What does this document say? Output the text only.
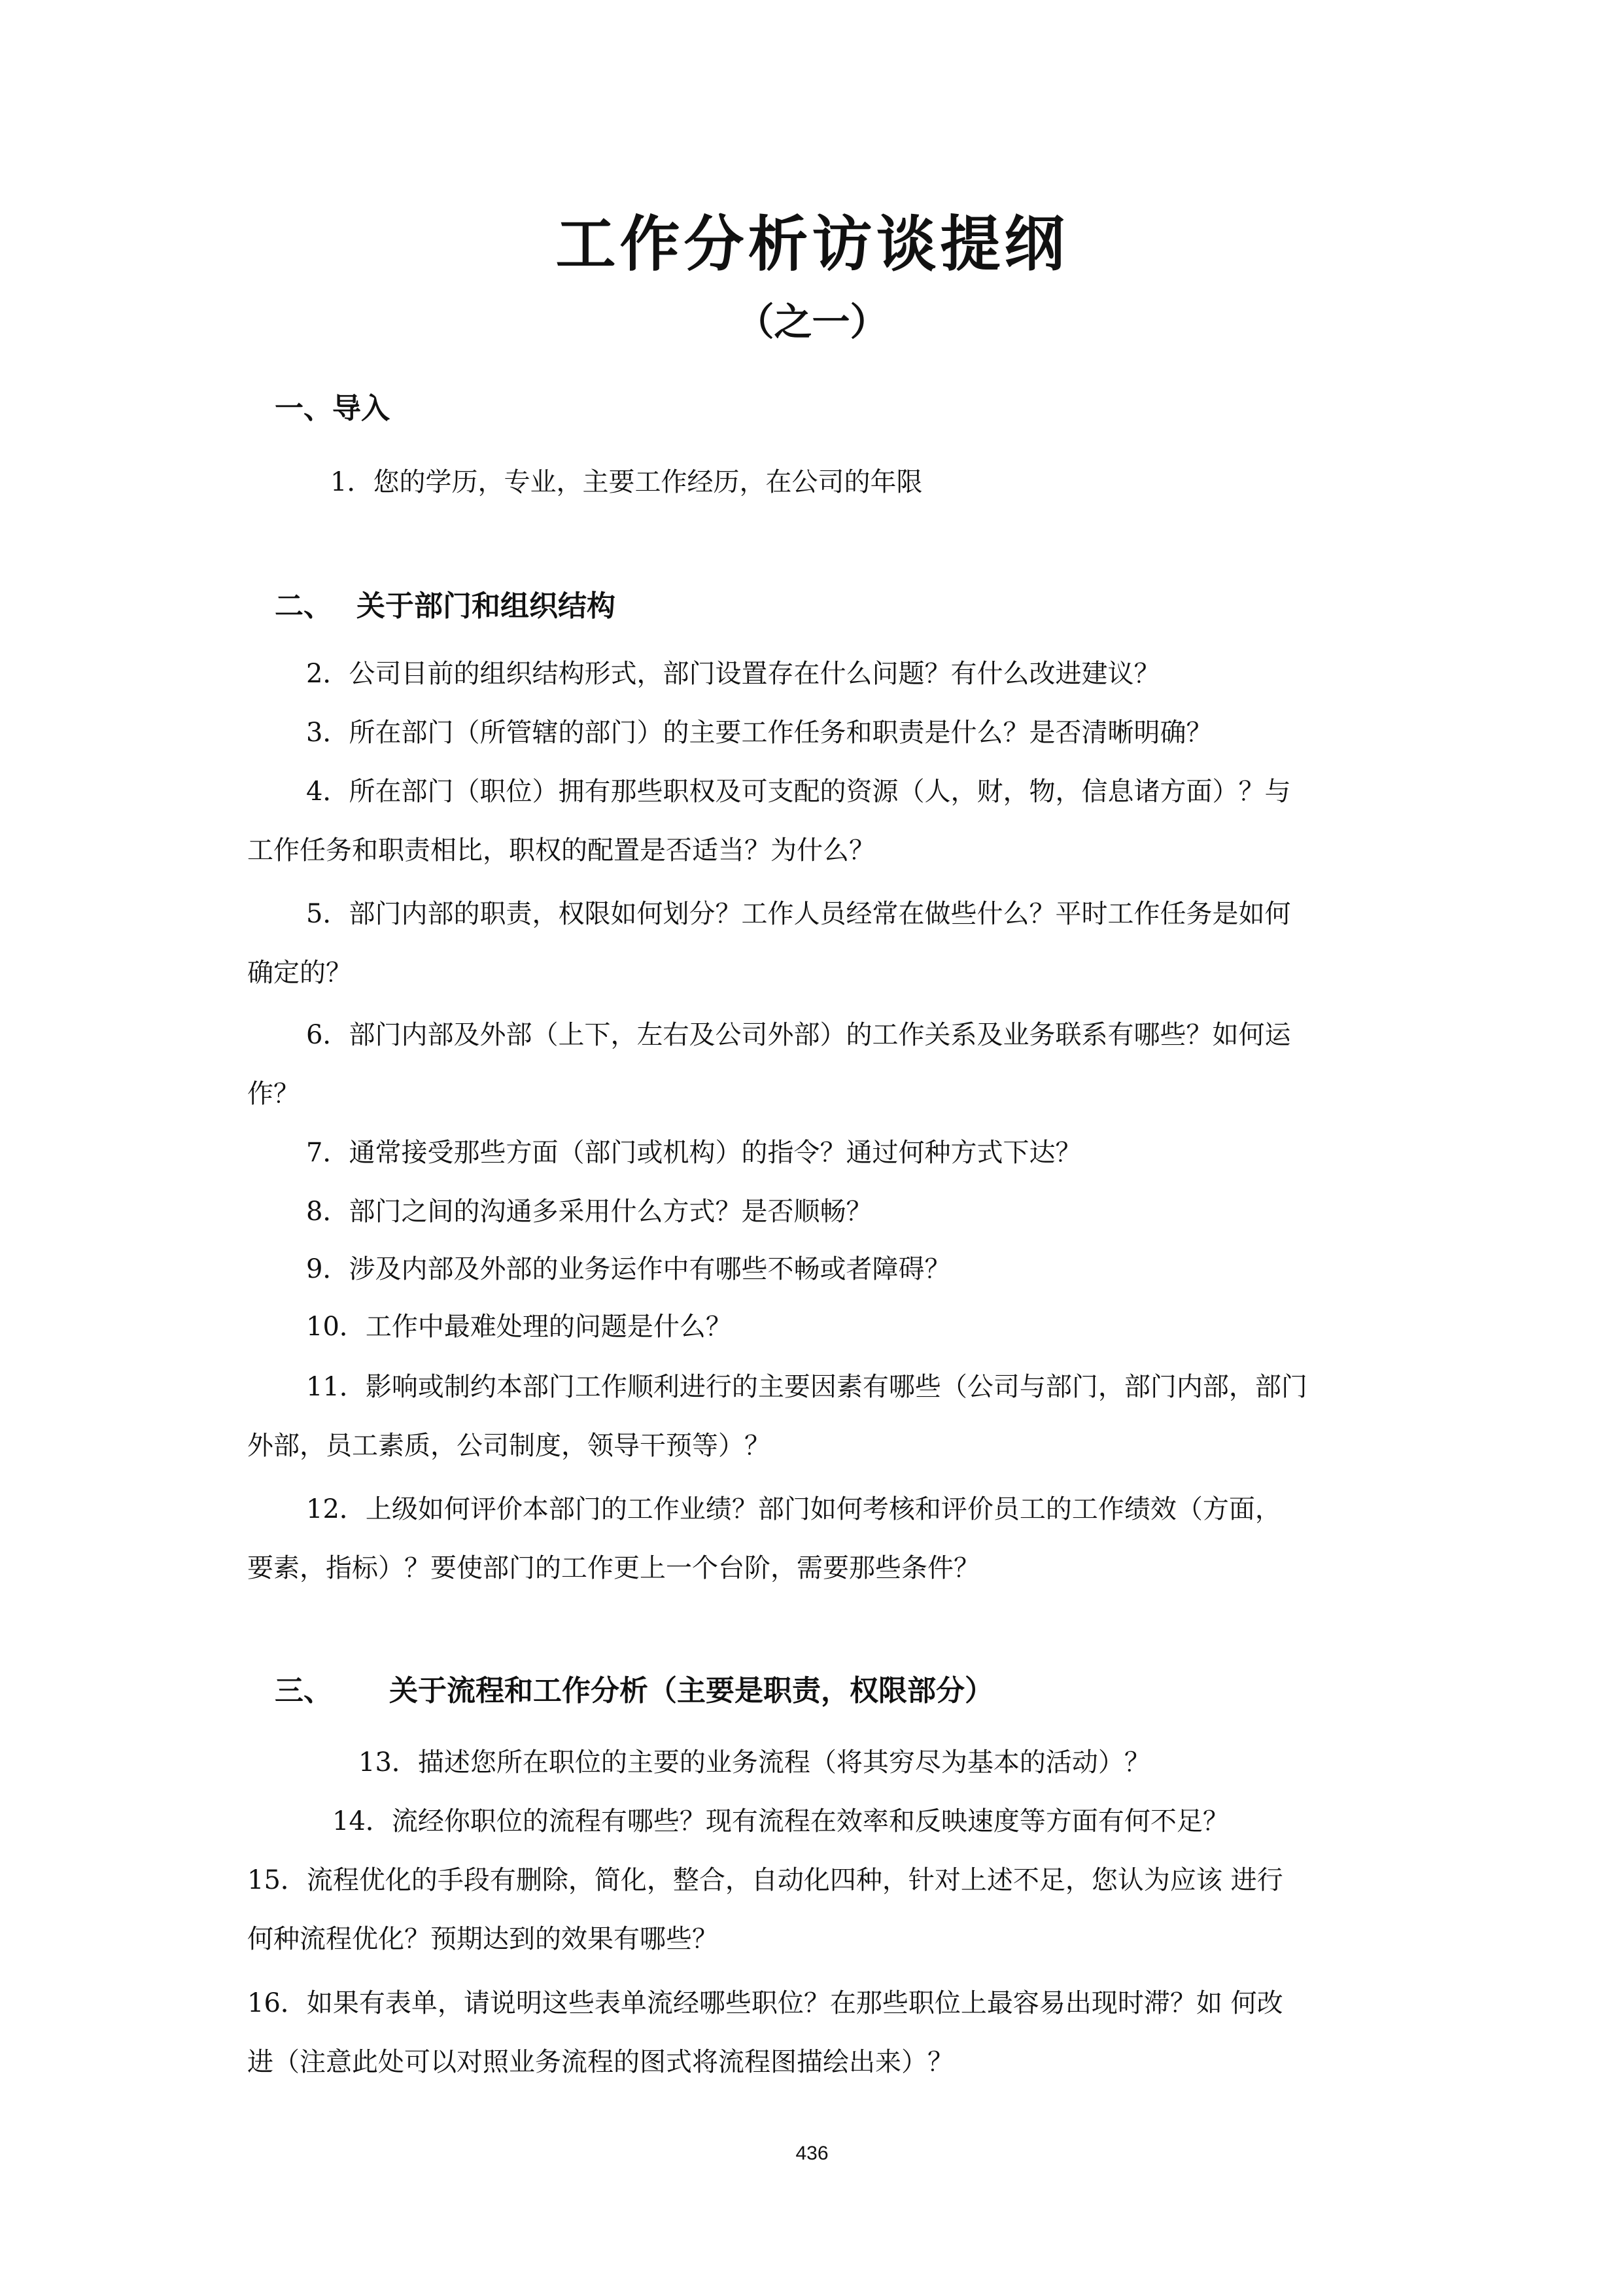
工作分析访谈提纲
（之一）
一、导入
1．您的学历，专业，主要工作经历，在公司的年限
二、 关于部门和组织结构
2．公司目前的组织结构形式，部门设置存在什么问题？有什么改进建议？
3．所在部门（所管辖的部门）的主要工作任务和职责是什么？是否清晰明确？
4．所在部门（职位）拥有那些职权及可支配的资源（人，财，物，信息诸方面）？与
工作任务和职责相比，职权的配置是否适当？为什么？
5．部门内部的职责，权限如何划分？工作人员经常在做些什么？平时工作任务是如何
确定的？
6．部门内部及外部（上下，左右及公司外部）的工作关系及业务联系有哪些？如何运
作？
7．通常接受那些方面（部门或机构）的指令？通过何种方式下达？
8．部门之间的沟通多采用什么方式？是否顺畅？
9．涉及内部及外部的业务运作中有哪些不畅或者障碍？
10．工作中最难处理的问题是什么？
11．影响或制约本部门工作顺利进行的主要因素有哪些（公司与部门，部门内部，部门
外部，员工素质，公司制度，领导干预等）？
12．上级如何评价本部门的工作业绩？部门如何考核和评价员工的工作绩效（方面，
要素，指标）？要使部门的工作更上一个台阶，需要那些条件？
三、 关于流程和工作分析（主要是职责，权限部分）
13．描述您所在职位的主要的业务流程（将其穷尽为基本的活动）？
14．流经你职位的流程有哪些？现有流程在效率和反映速度等方面有何不足？
15．流程优化的手段有删除，简化，整合，自动化四种，针对上述不足，您认为应该 进行
何种流程优化？预期达到的效果有哪些？
16．如果有表单，请说明这些表单流经哪些职位？在那些职位上最容易出现时滞？如 何改
进（注意此处可以对照业务流程的图式将流程图描绘出来）？
436
